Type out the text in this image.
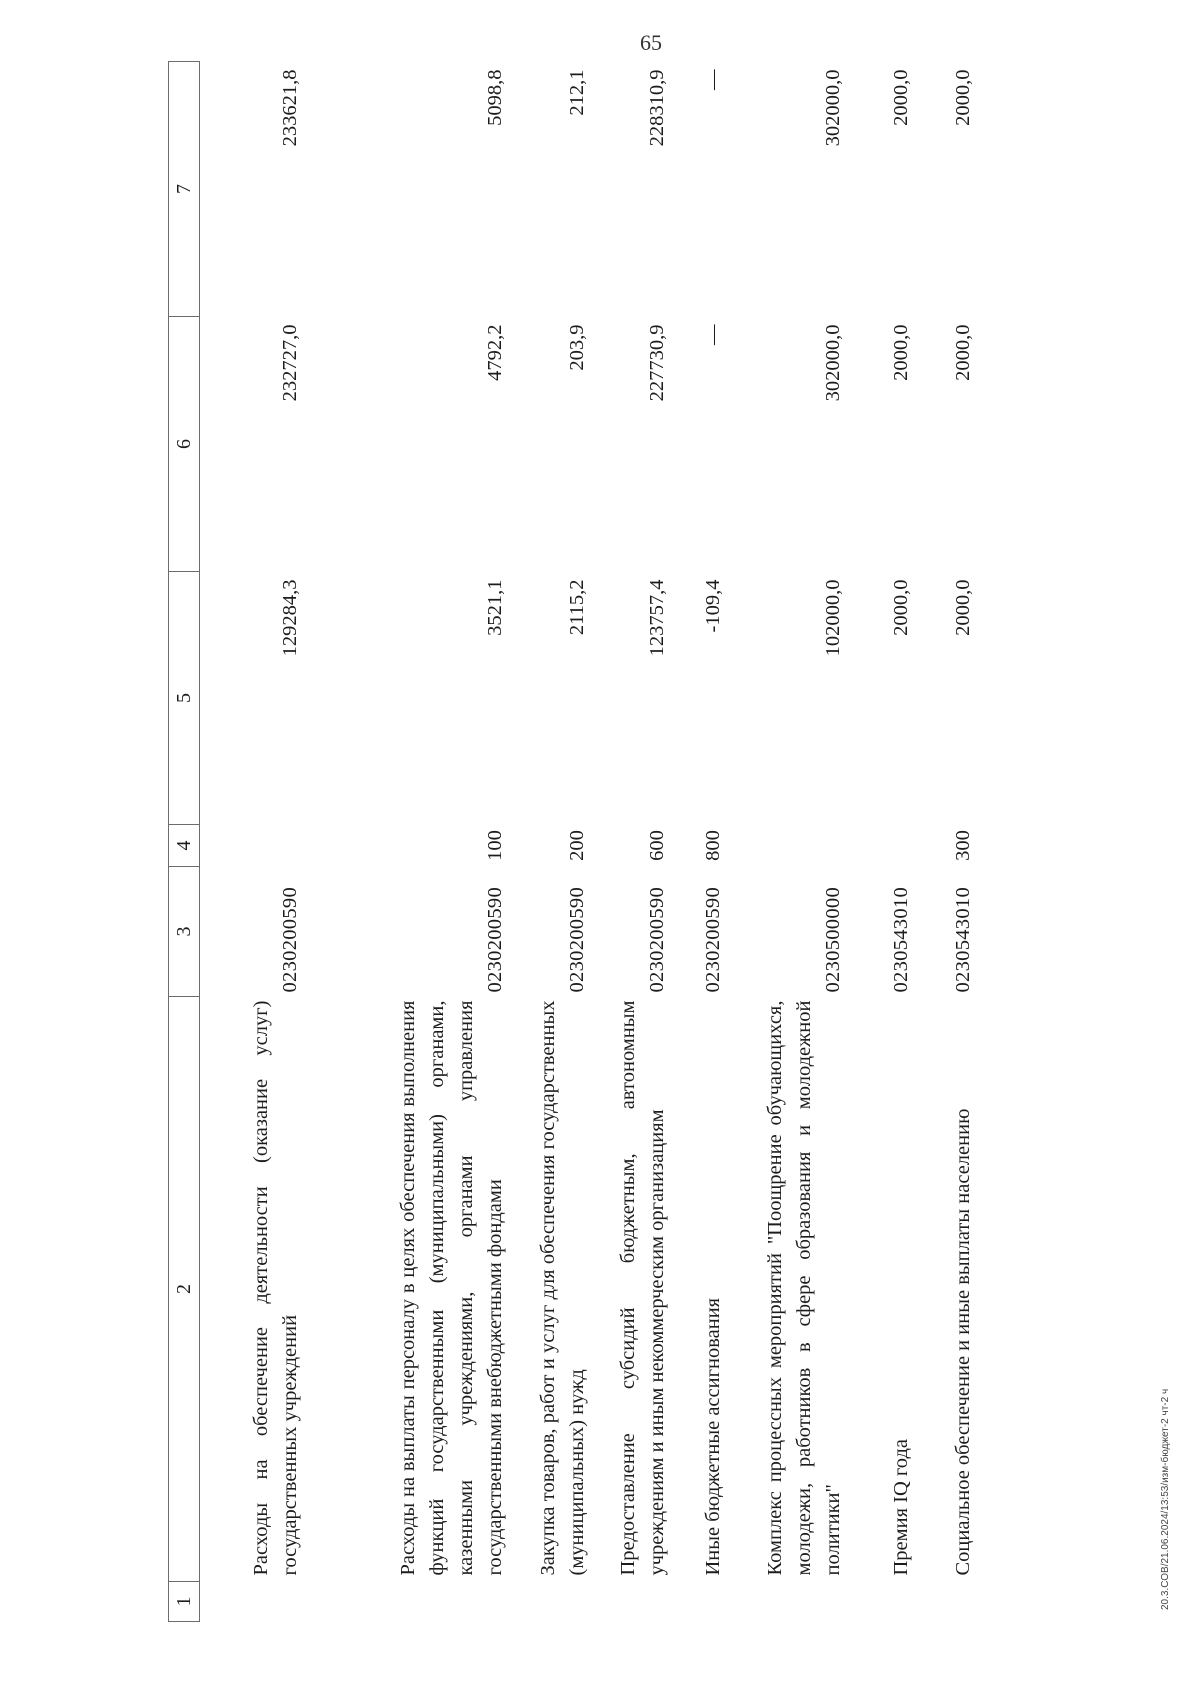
65
1	2	3	4	5	6	7
	Расходы на обеспечение деятельности (оказание услуг) государственных учреждений	0230200590		129284,3	232727,0	233621,8
	Расходы на выплаты персоналу в целях обеспечения выполнения функций государственными (муниципальными) органами, казенными учреждениями, органами управления государственными внебюджетными фондами	0230200590	100	3521,1	4792,2	5098,8
	Закупка товаров, работ и услуг для обеспечения государственных (муниципальных) нужд	0230200590	200	2115,2	203,9	212,1
	Предоставление субсидий бюджетным, автономным учреждениям и иным некоммерческим организациям	0230200590	600	123757,4	227730,9	228310,9
	Иные бюджетные ассигнования	0230200590	800	-109,4	—	—
	Комплекс процессных мероприятий "Поощрение обучающихся, молодежи, работников в сфере образования и молодежной политики"	0230500000		102000,0	302000,0	302000,0
	Премия IQ года	0230543010		2000,0	2000,0	2000,0
	Социальное обеспечение и иные выплаты населению	0230543010	300	2000,0	2000,0	2000,0
20.3.СОВ/21.06.2024/13:53/изм-бюджет-2 чт-2 ч
